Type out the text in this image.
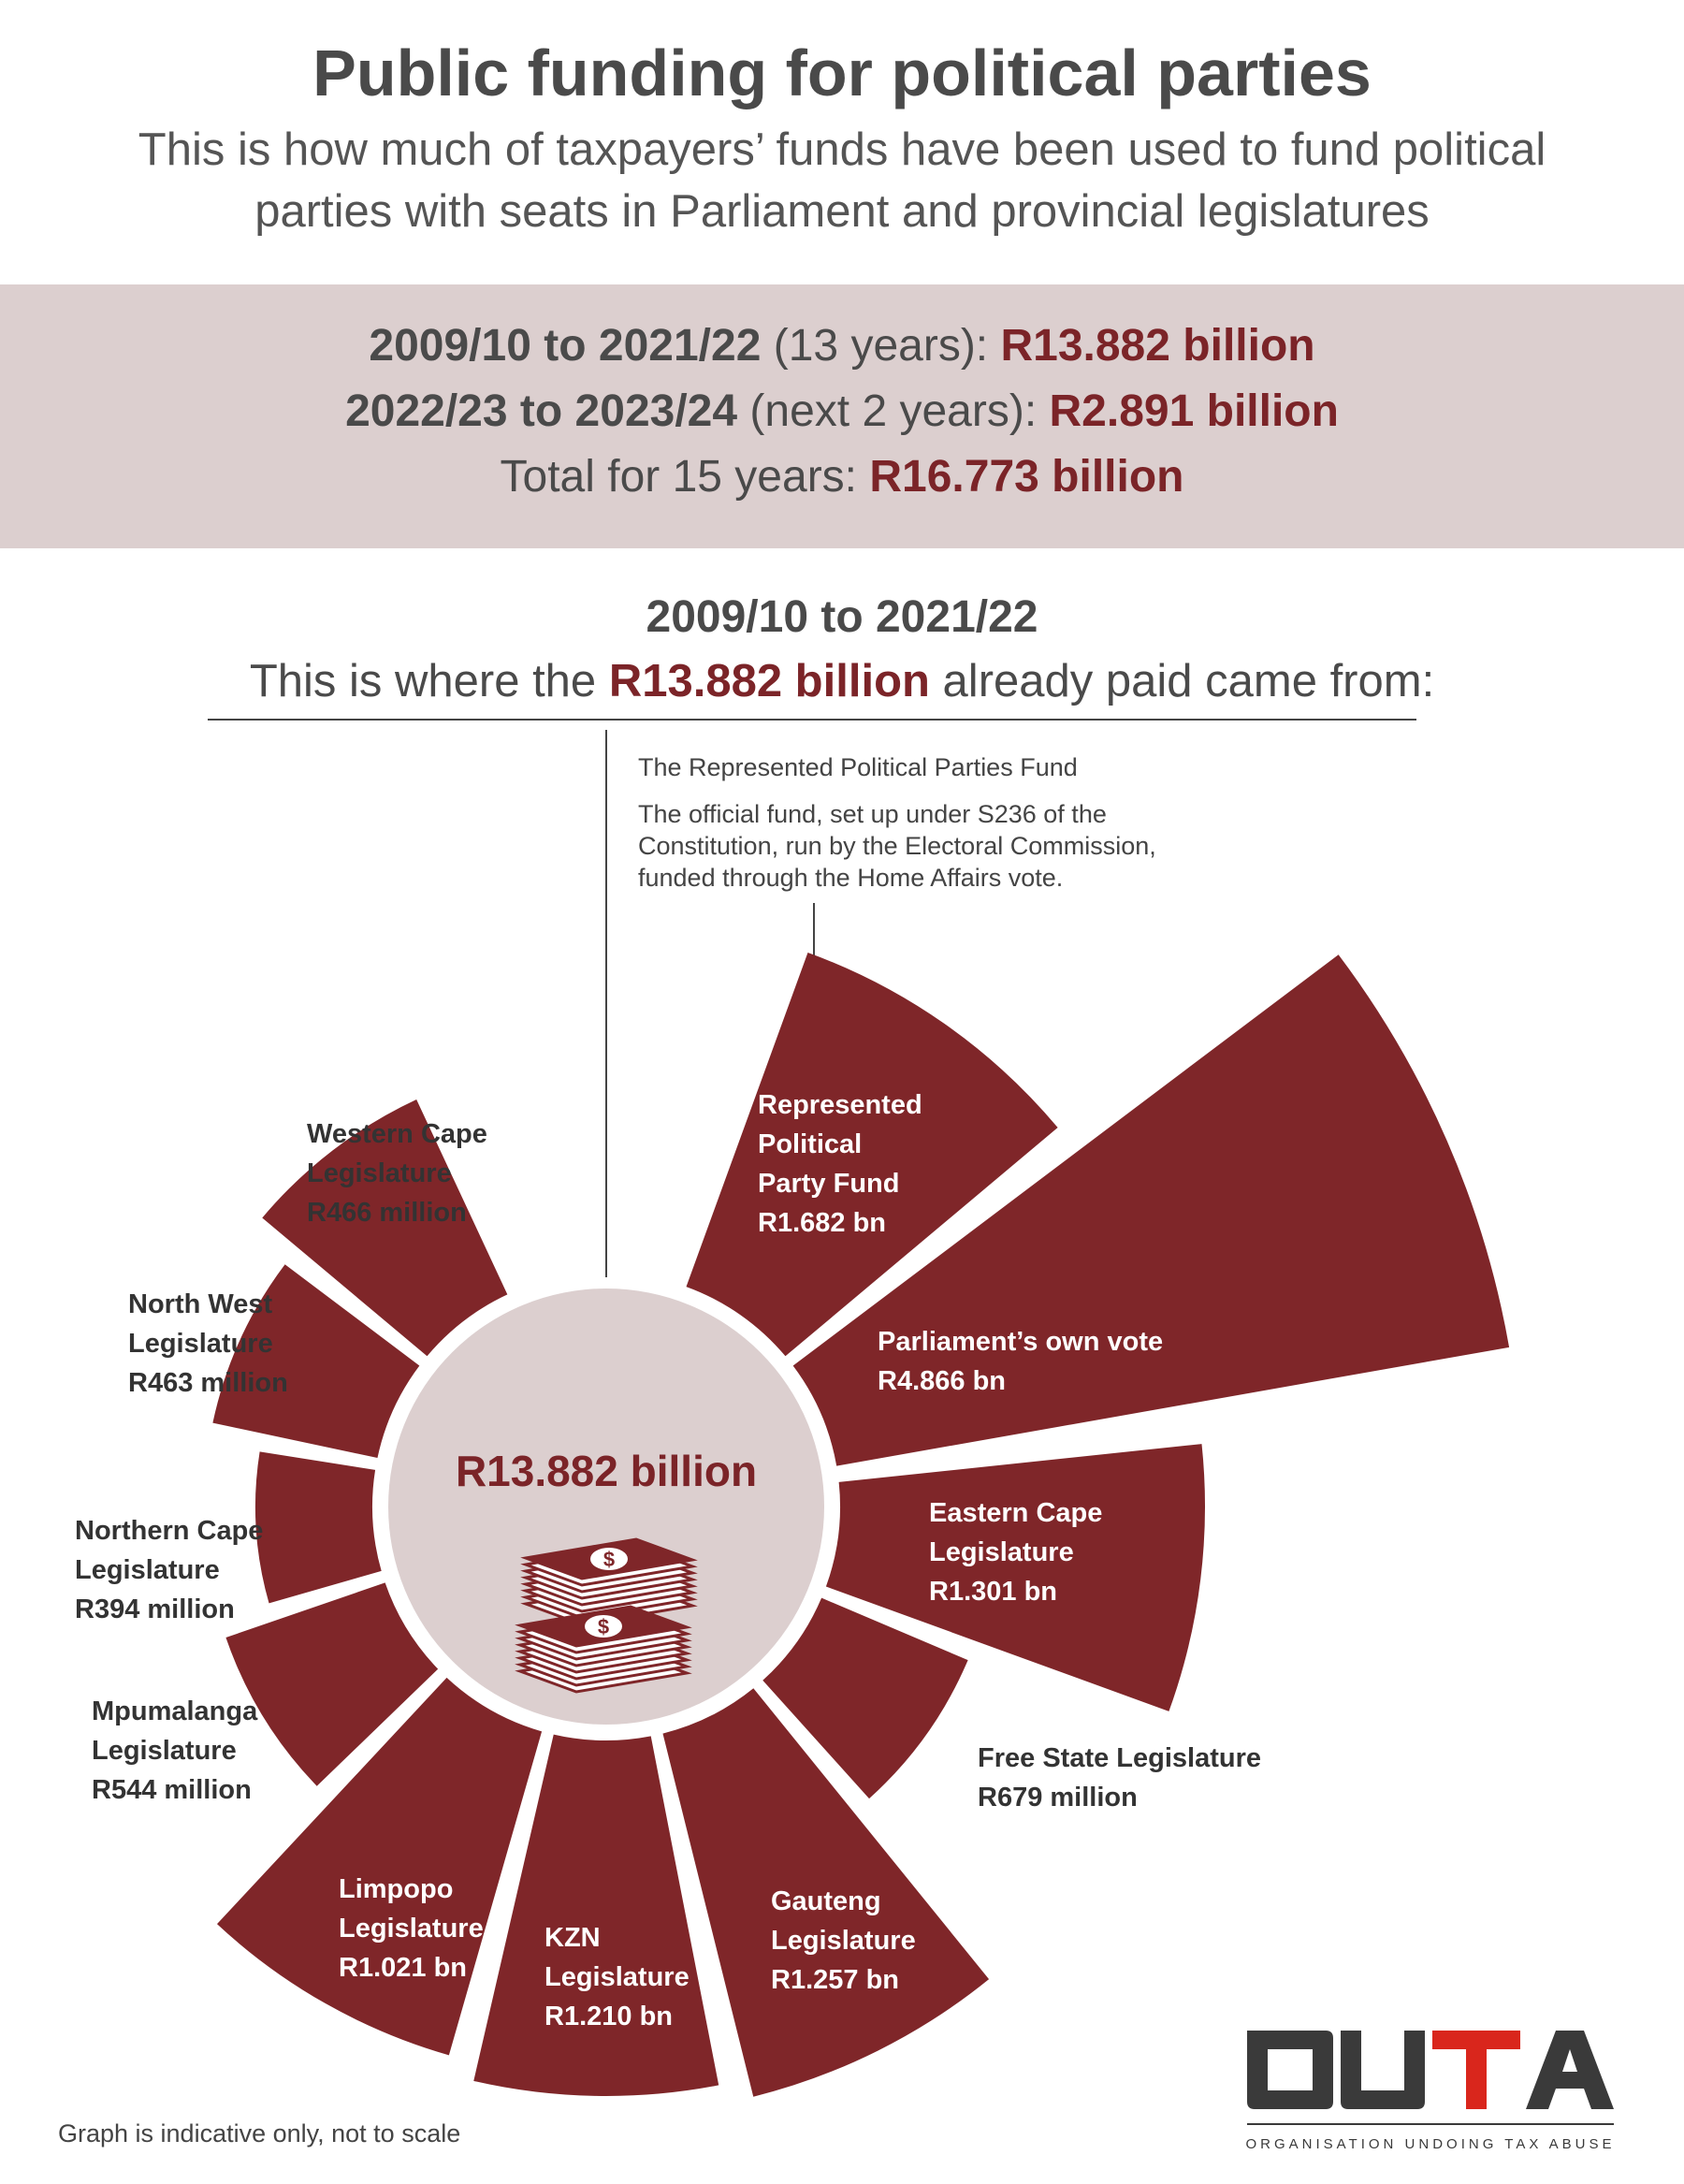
Public funding for political parties
This is how much of taxpayers’ funds have been used to fund political
parties with seats in Parliament and provincial legislatures
2009/10 to 2021/22 (13 years): R13.882 billion
2022/23 to 2023/24 (next 2 years): R2.891 billion
Total for 15 years: R16.773 billion
2009/10 to 2021/22
This is where the R13.882 billion already paid came from:
The Represented Political Parties Fund
The official fund, set up under S236 of the
Constitution, run by the Electoral Commission,
funded through the Home Affairs vote.
R13.882 billion
$
$
Graph is indicative only, not to scale	ORGANISATION UNDOING TAX ABUSE
Represented
Political
Party Fund
R1.682 bn
Parliament’s own vote
R4.866 bn
Eastern Cape
Legislature
R1.301 bn
Free State Legislature
R679 million
Gauteng
Legislature
R1.257 bn
KZN
Legislature
R1.210 bn
Limpopo
Legislature
R1.021 bn
Mpumalanga
Legislature
R544 million
Northern Cape
Legislature
R394 million
North West
Legislature
R463 million
Western Cape
Legislature
R466 million
